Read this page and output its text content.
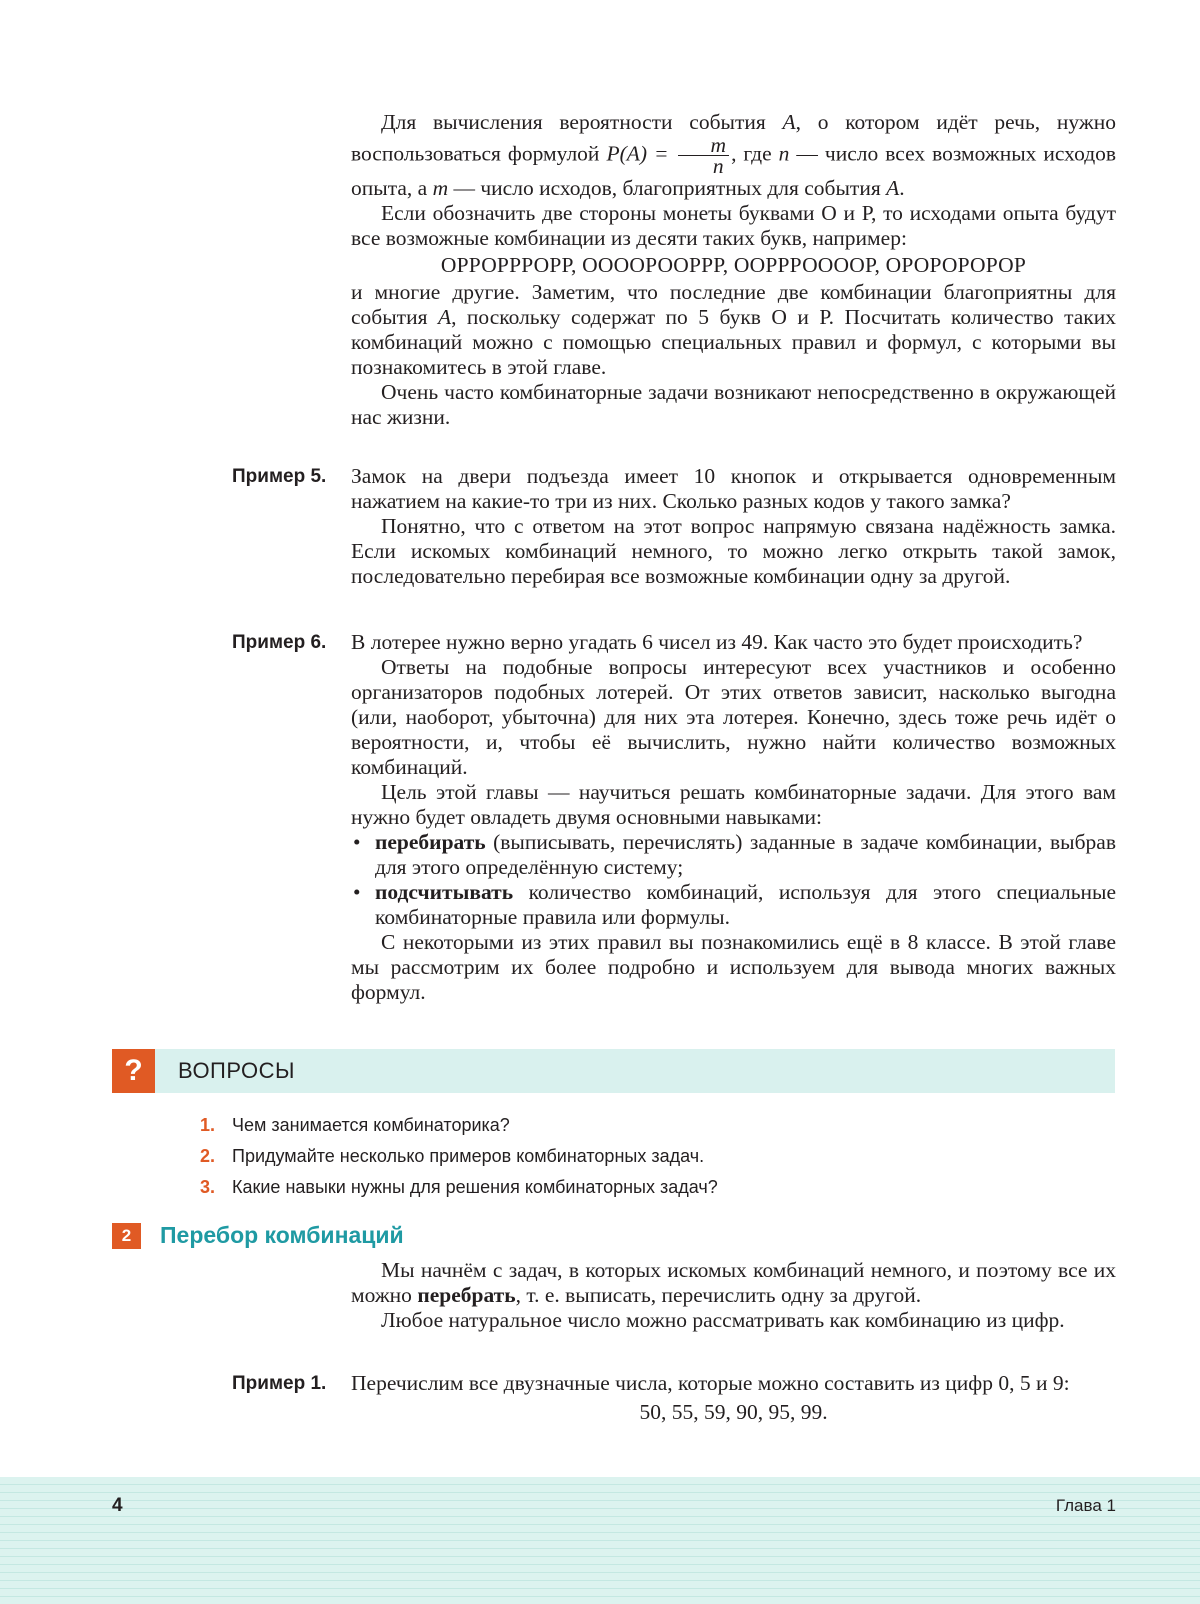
Для вычисления вероятности события A, о котором идёт речь, нужно воспользоваться формулой $P(A) = \frac{m}{n}$ , где n — число всех возможных исходов опыта, а m — число исходов, благоприятных для события A.

Если обозначить две стороны монеты буквами О и Р, то исходами опыта будут все возможные комбинации из десяти таких букв, например:

ОРРОРРРОРР, ООООРООРРР, ООРРРООООР, ОРОРОРОРОР

и многие другие. Заметим, что последние две комбинации благоприятны для события A, поскольку содержат по 5 букв О и Р. Посчитать количество таких комбинаций можно с помощью специальных правил и формул, с которыми вы познакомитесь в этой главе.

Очень часто комбинаторные задачи возникают непосредственно в окружающей нас жизни.

Пример 5. Замок на двери подъезда имеет 10 кнопок и открывается одновременным нажатием на какие-то три из них. Сколько разных кодов у такого замка?

Понятно, что с ответом на этот вопрос напрямую связана надёжность замка. Если искомых комбинаций немного, то можно легко открыть такой замок, последовательно перебирая все возможные комбинации одну за другой.

Пример 6. В лотерее нужно верно угадать 6 чисел из 49. Как часто это будет происходить?

Ответы на подобные вопросы интересуют всех участников и особенно организаторов подобных лотерей. От этих ответов зависит, насколько выгодна (или, наоборот, убыточна) для них эта лотерея. Конечно, здесь тоже речь идёт о вероятности, и, чтобы её вычислить, нужно найти количество возможных комбинаций.

Цель этой главы — научиться решать комбинаторные задачи. Для этого вам нужно будет овладеть двумя основными навыками:

• перебирать (выписывать, перечислять) заданные в задаче комбинации, выбрав для этого определённую систему;
• подсчитывать количество комбинаций, используя для этого специальные комбинаторные правила или формулы.

С некоторыми из этих правил вы познакомились ещё в 8 классе. В этой главе мы рассмотрим их более подробно и используем для вывода многих важных формул.

?	ВОПРОСЫ
1. Чем занимается комбинаторика?
2. Придумайте несколько примеров комбинаторных задач.
3. Какие навыки нужны для решения комбинаторных задач?
2	Перебор комбинаций

Мы начнём с задач, в которых искомых комбинаций немного, и поэтому все их можно перебрать, т. е. выписать, перечислить одну за другой.

Любое натуральное число можно рассматривать как комбинацию из цифр.

Пример 1. Перечислим все двузначные числа, которые можно составить из цифр 0, 5 и 9:

50, 55, 59, 90, 95, 99.
4	Глава 1
